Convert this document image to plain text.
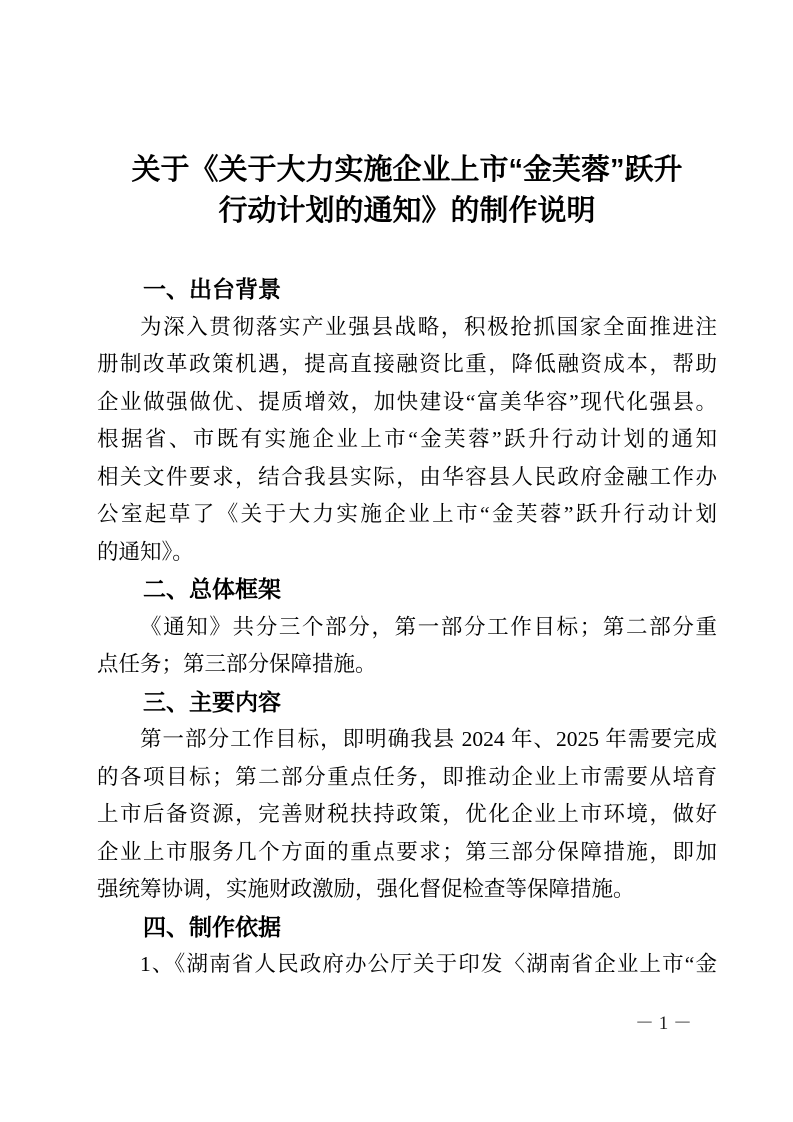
关于《关于大力实施企业上市“金芙蓉”跃升
行动计划的通知》的制作说明
一、出台背景
为深入贯彻落实产业强县战略，积极抢抓国家全面推进注
册制改革政策机遇，提高直接融资比重，降低融资成本，帮助
企业做强做优、提质增效，加快建设“富美华容”现代化强县。
根据省、市既有实施企业上市“金芙蓉”跃升行动计划的通知
相关文件要求，结合我县实际，由华容县人民政府金融工作办
公室起草了《关于大力实施企业上市“金芙蓉”跃升行动计划
的通知》。
二、总体框架
《通知》共分三个部分，第一部分工作目标；第二部分重
点任务；第三部分保障措施。
三、主要内容
第一部分工作目标，即明确我县 2024 年、2025 年需要完成
的各项目标；第二部分重点任务，即推动企业上市需要从培育
上市后备资源，完善财税扶持政策，优化企业上市环境，做好
企业上市服务几个方面的重点要求；第三部分保障措施，即加
强统筹协调，实施财政激励，强化督促检查等保障措施。
四、制作依据
1、《湖南省人民政府办公厅关于印发〈湖南省企业上市“金
－ 1 －
